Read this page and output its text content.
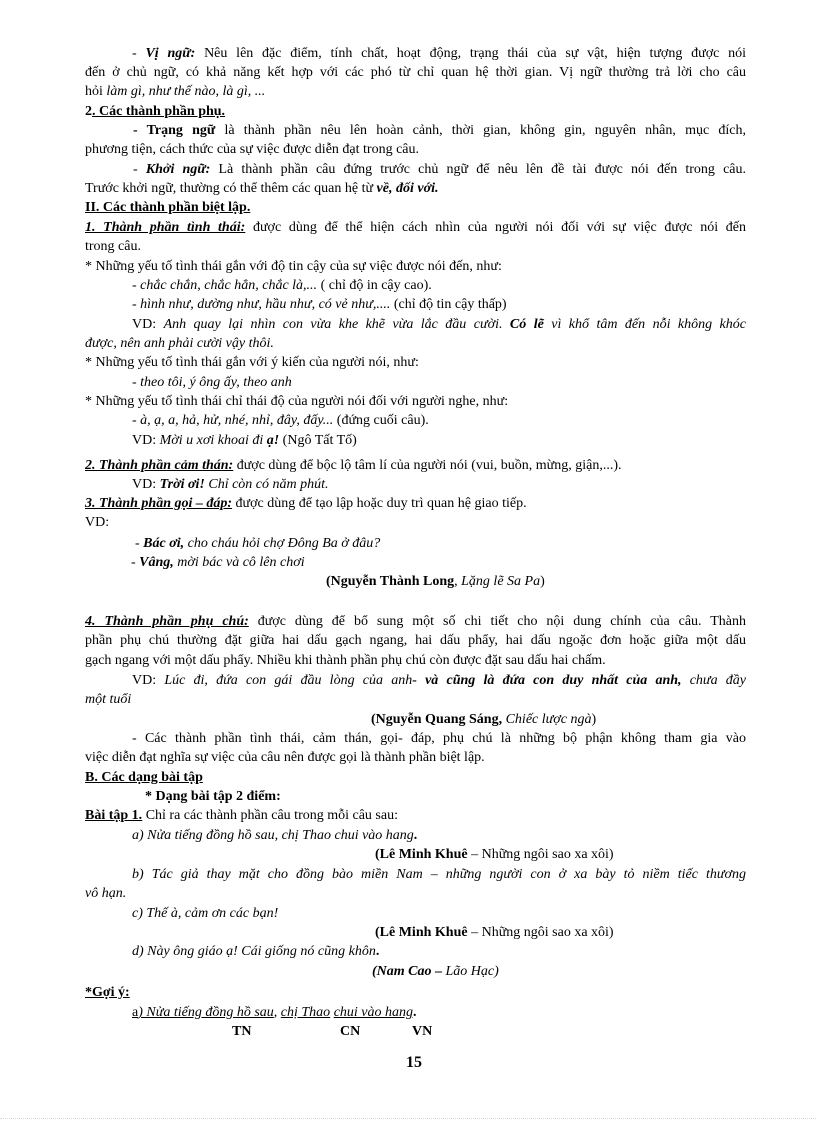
- Vị ngữ: Nêu lên đặc điểm, tính chất, hoạt động, trạng thái của sự vật, hiện tượng được nói
đến ở chủ ngữ, có khả năng kết hợp với các phó từ chỉ quan hệ thời gian. Vị ngữ thường trả lời cho câu
hỏi làm gì, như thế nào, là gì, ...
2. Các thành phần phụ.
- Trạng ngữ là thành phần nêu lên hoàn cảnh, thời gian, không gin, nguyên nhân, mục đích,
phương tiện, cách thức của sự việc được diễn đạt trong câu.
- Khởi ngữ: Là thành phần câu đứng trước chủ ngữ để nêu lên đề tài được nói đến trong câu.
Trước khởi ngữ, thường có thể thêm các quan hệ từ về, đối với.
II. Các thành phần biệt lập.
1. Thành phần tình thái: được dùng để thể hiện cách nhìn của người nói đối với sự việc được nói đến
trong câu.
* Những yếu tố tình thái gắn với độ tin cậy của sự việc được nói đến, như:
- chắc chắn, chắc hẳn, chắc là,... ( chỉ độ in cậy cao).
- hình như, dường như, hầu như, có vẻ như,.... (chỉ độ tin cậy thấp)
VD: Anh quay lại nhìn con vừa khe khẽ vừa lắc đầu cười. Có lẽ vì khổ tâm đến nỗi không khóc
được, nên anh phải cười vậy thôi.
* Những yếu tố tình thái gắn với ý kiến của người nói, như:
- theo tôi, ý ông ấy, theo anh
* Những yếu tố tình thái chỉ thái độ của người nói đối với người nghe, như:
- à, ạ, a, hả, hử, nhé, nhỉ, đây, đấy... (đứng cuối câu).
VD: Mời u xơi khoai đi ạ! (Ngô Tất Tố)
2. Thành phần cảm thán: được dùng để bộc lộ tâm lí của người nói (vui, buồn, mừng, giận,...).
VD: Trời ơi! Chỉ còn có năm phút.
3. Thành phần gọi – đáp: được dùng để tạo lập hoặc duy trì quan hệ giao tiếp.
VD:
- Bác ơi, cho cháu hỏi chợ Đông Ba ở đâu?
- Vâng, mời bác và cô lên chơi
(Nguyễn Thành Long, Lặng lẽ Sa Pa)
4. Thành phần phụ chú: được dùng để bổ sung một số chi tiết cho nội dung chính của câu. Thành
phần phụ chú thường đặt giữa hai dấu gạch ngang, hai dấu phẩy, hai dấu ngoặc đơn hoặc giữa một dấu
gạch ngang với một dấu phẩy. Nhiều khi thành phần phụ chú còn được đặt sau dấu hai chấm.
VD: Lúc đi, đứa con gái đầu lòng của anh- và cũng là đứa con duy nhất của anh, chưa đầy
một tuổi
(Nguyễn Quang Sáng, Chiếc lược ngà)
- Các thành phần tình thái, cảm thán, gọi- đáp, phụ chú là những bộ phận không tham gia vào
việc diễn đạt nghĩa sự việc của câu nên được gọi là thành phần biệt lập.
B. Các dạng bài tập
* Dạng bài tập 2 điểm:
Bài tập 1. Chỉ ra các thành phần câu trong mỗi câu sau:
a) Nửa tiếng đồng hồ sau, chị Thao chui vào hang.
(Lê Minh Khuê – Những ngôi sao xa xôi)
b) Tác giả thay mặt cho đồng bào miền Nam – những người con ở xa bày tỏ niềm tiếc thương
vô hạn.
c) Thế à, cảm ơn các bạn!
(Lê Minh Khuê – Những ngôi sao xa xôi)
d) Này ông giáo ạ! Cái giống nó cũng khôn.
(Nam Cao – Lão Hạc)
*Gợi ý:
a) Nửa tiếng đồng hồ sau, chị Thao chui vào hang.
TN	CN	VN
15
